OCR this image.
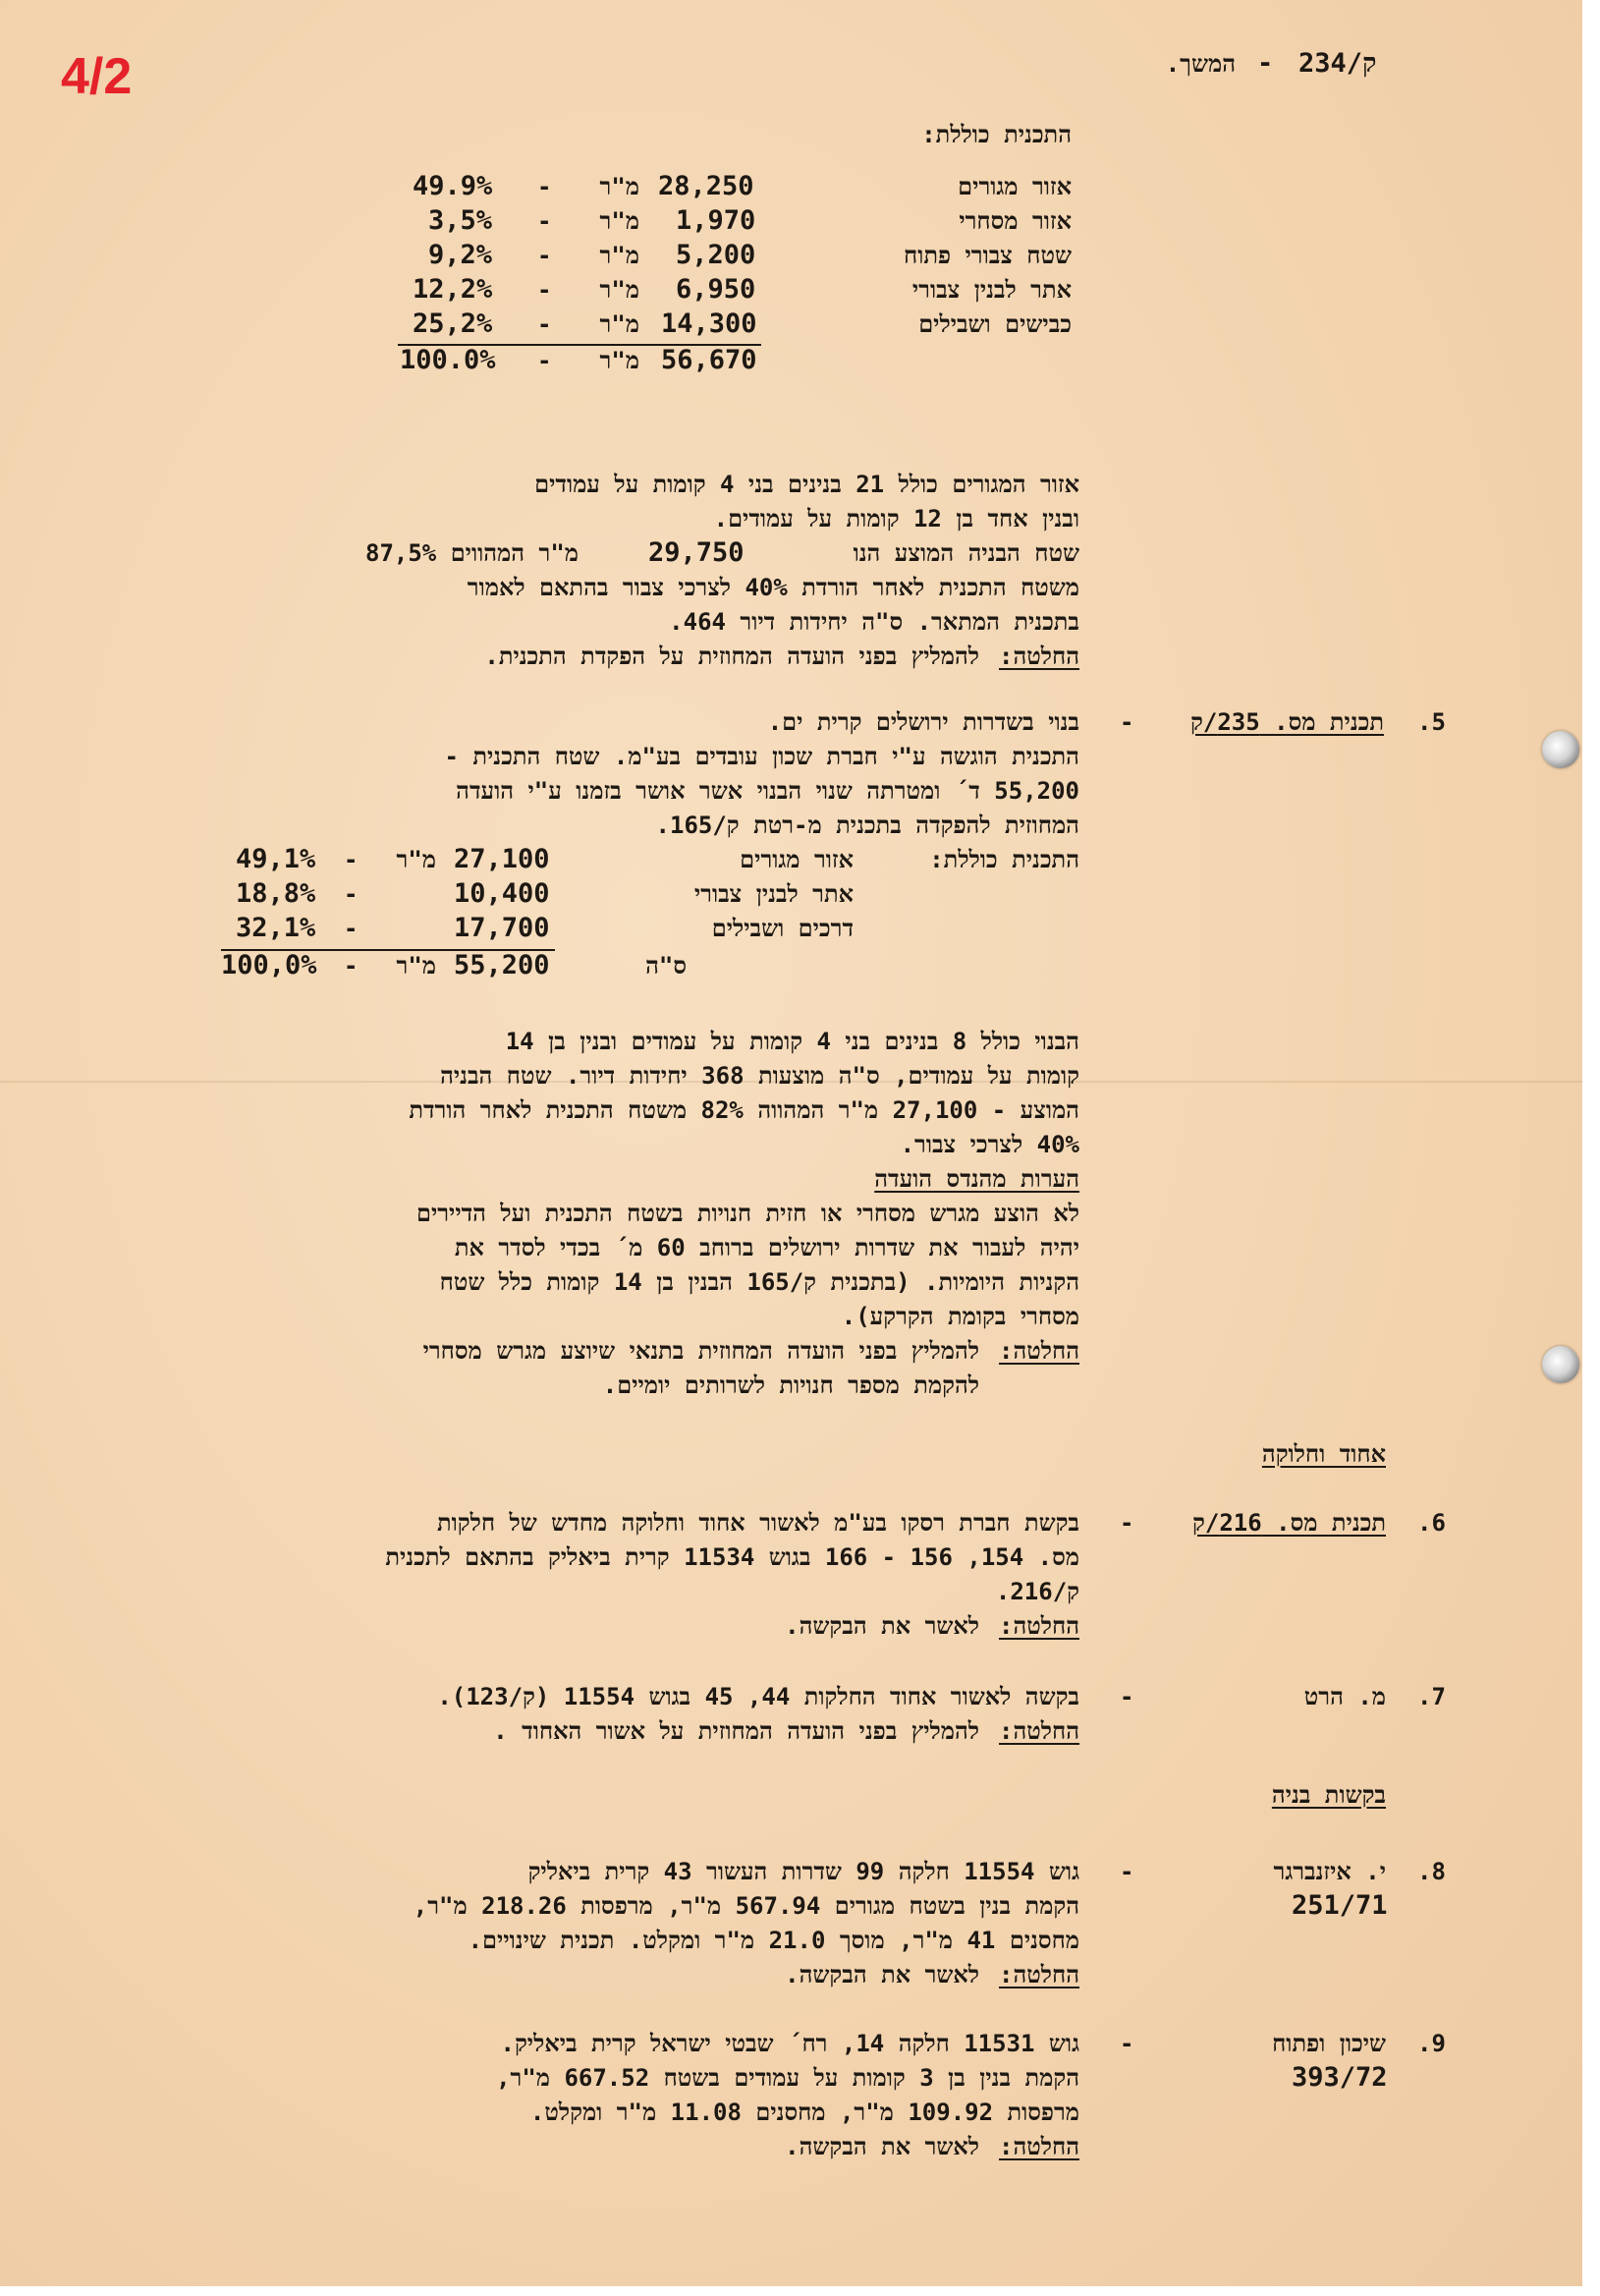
4/2	234/ק
-
המשך.
התכנית כוללת:
אזור מגורים
28,250
מ"ר
-
49.9%
אזור מסחרי
1,970
מ"ר
-
3,5%
שטח צבורי פתוח
5,200
מ"ר
-
9,2%
אתר לבנין צבורי
6,950
מ"ר
-
12,2%
כבישים ושבילים
14,300
מ"ר
-
25,2%
56,670
מ"ר
-
100.0%
אזור המגורים כולל 21 בנינים בני 4 קומות על עמודים
ובנין אחד בן 12 קומות על עמודים.
שטח הבניה המוצע הנו
29,750
מ"ר המהווים 87,5%
משטח התכנית לאחר הורדת 40% לצרכי צבור בהתאם לאמור
בתכנית המתאר. ס"ה יחידות דיור 464.
החלטה:
להמליץ בפני הועדה המחוזית על הפקדת התכנית.
.5
תכנית מס. 235/ק
-
בנוי בשדרות ירושלים קרית ים.
התכנית הוגשה ע"י חברת שכון עובדים בע"מ. שטח התכנית -
55,200 ד´ ומטרתה שנוי הבנוי אשר אושר בזמנו ע"י הועדה
המחוזית להפקדה בתכנית מ-רטת ק/165.
התכנית כוללת:
אזור מגורים
27,100
מ"ר
-
49,1%
אתר לבנין צבורי
10,400
-
18,8%
דרכים ושבילים
17,700
-
32,1%
ס"ה
55,200
מ"ר
-
100,0%
הבנוי כולל 8 בנינים בני 4 קומות על עמודים ובנין בן 14
קומות על עמודים, ס"ה מוצעות 368 יחידות דיור. שטח הבניה
המוצע - 27,100 מ"ר המהווה 82% משטח התכנית לאחר הורדת
40% לצרכי צבור.
הערות מהנדס הועדה
לא הוצע מגרש מסחרי או חזית חנויות בשטח התכנית ועל הדיירים
יהיה לעבור את שדרות ירושלים ברוחב 60 מ´ בכדי לסדר את
הקניות היומיות. (בתכנית ק/165 הבנין בן 14 קומות כלל שטח
מסחרי בקומת הקרקע).
החלטה:
להמליץ בפני הועדה המחוזית בתנאי שיוצע מגרש מסחרי
להקמת מספר חנויות לשרותים יומיים.
אחוד וחלוקה
.6
תכנית מס. 216/ק
-
בקשת חברת רסקו בע"מ לאשור אחוד וחלוקה מחדש של חלקות
מס. 154, 156 - 166 בגוש 11534 קרית ביאליק בהתאם לתכנית
ק/216.
החלטה:
לאשר את הבקשה.
.7
מ. הרט
-
בקשה לאשור אחוד החלקות 44, 45 בגוש 11554 (ק/123).
החלטה:
להמליץ בפני הועדה המחוזית על אשור האחוד .
בקשות בניה
.8
י. איזנברגר
251/71
-
גוש 11554 חלקה 99 שדרות העשור 43 קרית ביאליק
הקמת בנין בשטח מגורים 567.94 מ"ר, מרפסות 218.26 מ"ר,
מחסנים 41 מ"ר, מוסך 21.0 מ"ר ומקלט. תכנית שינויים.
החלטה:
לאשר את הבקשה.
.9
שיכון ופתוח
393/72
-
גוש 11531 חלקה 14, רח´ שבטי ישראל קרית ביאליק.
הקמת בנין בן 3 קומות על עמודים בשטח 667.52 מ"ר,
מרפסות 109.92 מ"ר, מחסנים 11.08 מ"ר ומקלט.
החלטה:
לאשר את הבקשה.
